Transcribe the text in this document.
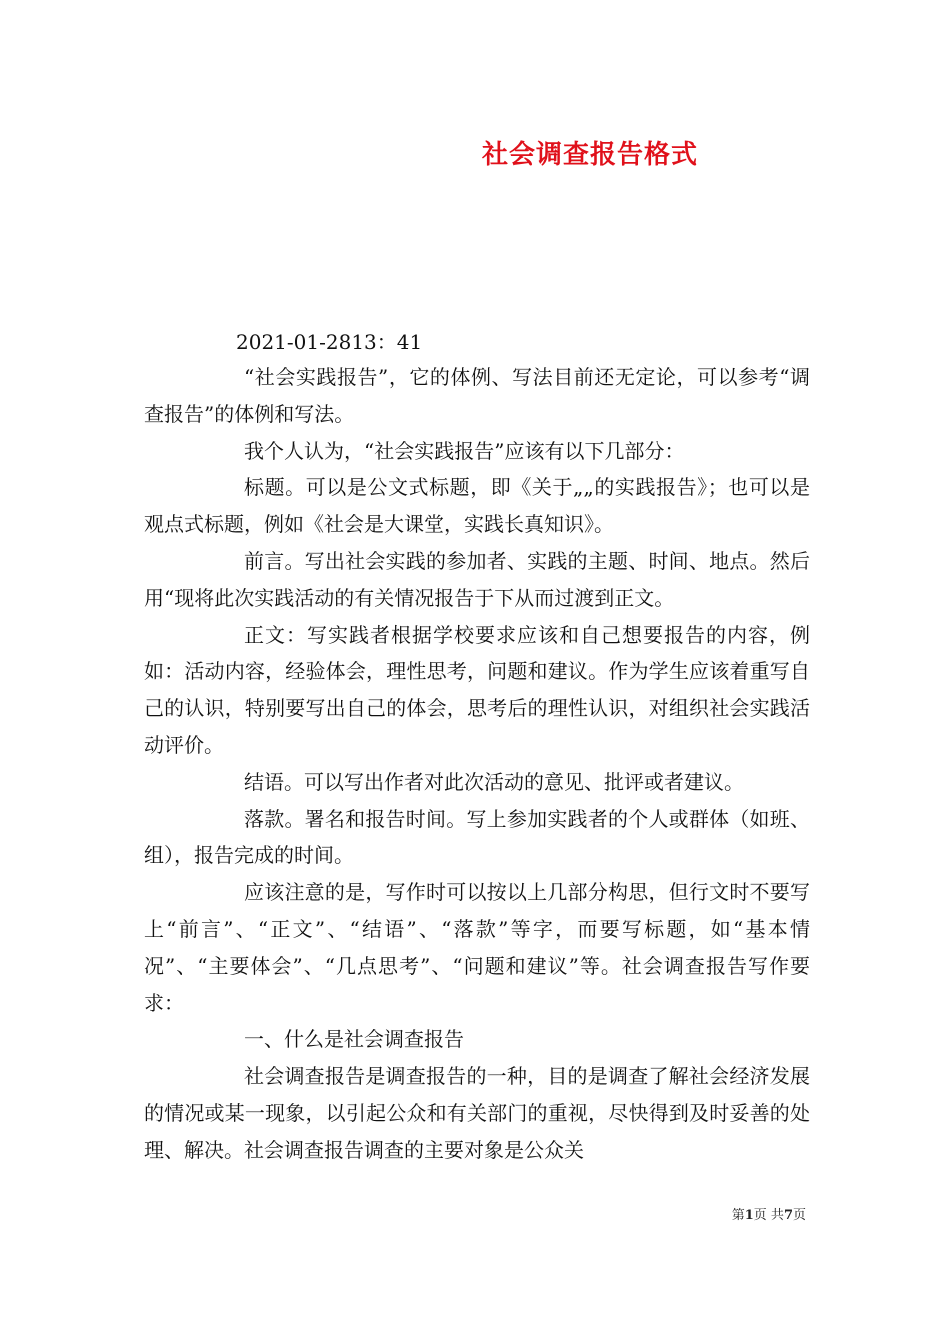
社会调查报告格式

2021-01-2813：41

“社会实践报告”，它的体例、写法目前还无定论，可以参考“调查报告”的体例和写法。

我个人认为，“社会实践报告”应该有以下几部分：

标题。可以是公文式标题，即《关于„„的实践报告》；也可以是观点式标题，例如《社会是大课堂，实践长真知识》。

前言。写出社会实践的参加者、实践的主题、时间、地点。然后用“现将此次实践活动的有关情况报告于下从而过渡到正文。

正文：写实践者根据学校要求应该和自己想要报告的内容，例如：活动内容，经验体会，理性思考，问题和建议。作为学生应该着重写自己的认识，特别要写出自己的体会，思考后的理性认识，对组织社会实践活动评价。

结语。可以写出作者对此次活动的意见、批评或者建议。

落款。署名和报告时间。写上参加实践者的个人或群体（如班、组），报告完成的时间。

应该注意的是，写作时可以按以上几部分构思，但行文时不要写上“前言”、“正文”、“结语”、“落款”等字，而要写标题，如“基本情况”、“主要体会”、“几点思考”、“问题和建议”等。社会调查报告写作要求：

一、什么是社会调查报告

社会调查报告是调查报告的一种，目的是调查了解社会经济发展的情况或某一现象，以引起公众和有关部门的重视，尽快得到及时妥善的处理、解决。社会调查报告调查的主要对象是公众关

第1页 共7页
